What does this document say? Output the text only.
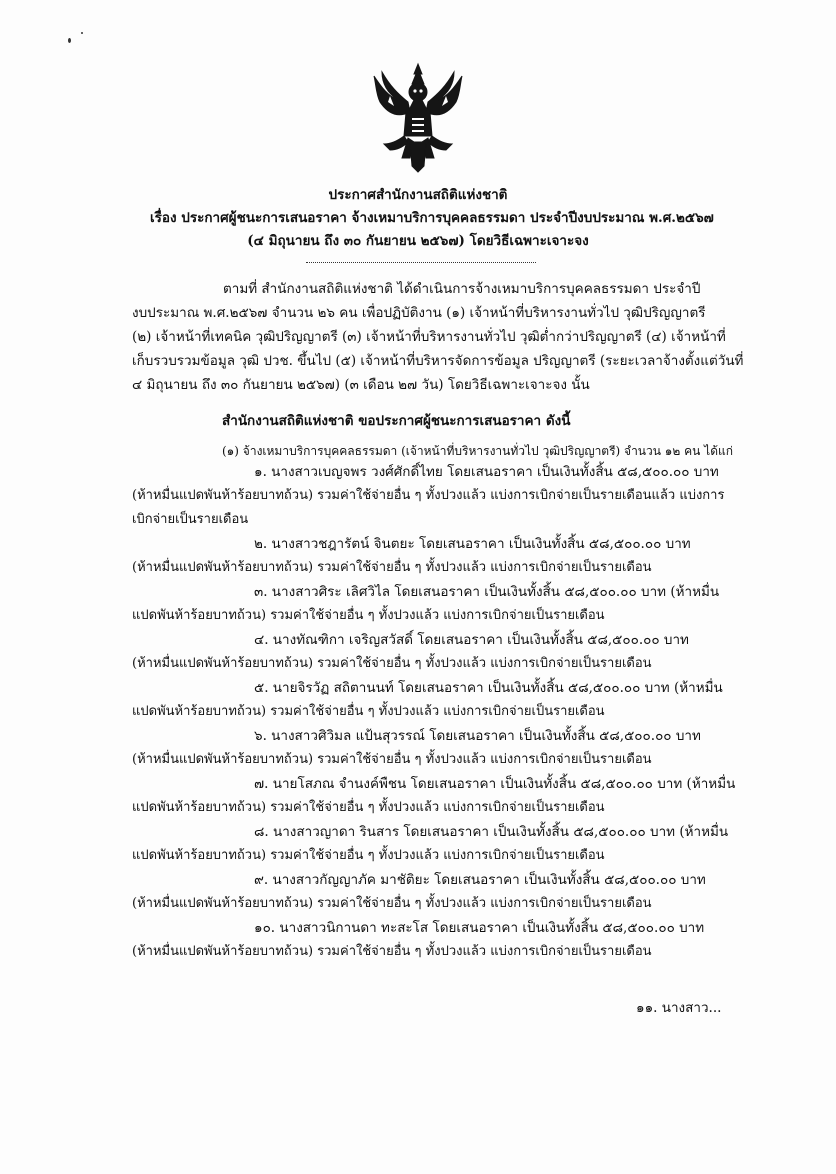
ประกาศสำนักงานสถิติแห่งชาติ
เรื่อง ประกาศผู้ชนะการเสนอราคา จ้างเหมาบริการบุคคลธรรมดา ประจำปีงบประมาณ พ.ศ.๒๕๖๗
(๔ มิถุนายน ถึง ๓๐ กันยายน ๒๕๖๗) โดยวิธีเฉพาะเจาะจง
ตามที่ สำนักงานสถิติแห่งชาติ ได้ดำเนินการจ้างเหมาบริการบุคคลธรรมดา ประจำปี
งบประมาณ พ.ศ.๒๕๖๗ จำนวน ๒๖ คน เพื่อปฏิบัติงาน (๑) เจ้าหน้าที่บริหารงานทั่วไป วุฒิปริญญาตรี
(๒) เจ้าหน้าที่เทคนิค วุฒิปริญญาตรี (๓) เจ้าหน้าที่บริหารงานทั่วไป วุฒิต่ำกว่าปริญญาตรี (๔) เจ้าหน้าที่
เก็บรวบรวมข้อมูล วุฒิ ปวช. ขึ้นไป (๕) เจ้าหน้าที่บริหารจัดการข้อมูล ปริญญาตรี (ระยะเวลาจ้างตั้งแต่วันที่
๔ มิถุนายน ถึง ๓๐ กันยายน ๒๕๖๗) (๓ เดือน ๒๗ วัน) โดยวิธีเฉพาะเจาะจง นั้น
สำนักงานสถิติแห่งชาติ ขอประกาศผู้ชนะการเสนอราคา ดังนี้
(๑) จ้างเหมาบริการบุคคลธรรมดา (เจ้าหน้าที่บริหารงานทั่วไป วุฒิปริญญาตรี) จำนวน ๑๒ คน ได้แก่
๑. นางสาวเบญจพร วงศ์ศักดิ์ไทย โดยเสนอราคา เป็นเงินทั้งสิ้น ๕๘,๕๐๐.๐๐ บาท
(ห้าหมื่นแปดพันห้าร้อยบาทถ้วน) รวมค่าใช้จ่ายอื่น ๆ ทั้งปวงแล้ว แบ่งการเบิกจ่ายเป็นรายเดือนแล้ว แบ่งการ
เบิกจ่ายเป็นรายเดือน
๒. นางสาวชฎารัตน์ จินตยะ โดยเสนอราคา เป็นเงินทั้งสิ้น ๕๘,๕๐๐.๐๐ บาท
(ห้าหมื่นแปดพันห้าร้อยบาทถ้วน) รวมค่าใช้จ่ายอื่น ๆ ทั้งปวงแล้ว แบ่งการเบิกจ่ายเป็นรายเดือน
๓. นางสาวศิระ เลิศวิไล โดยเสนอราคา เป็นเงินทั้งสิ้น ๕๘,๕๐๐.๐๐ บาท (ห้าหมื่น
แปดพันห้าร้อยบาทถ้วน) รวมค่าใช้จ่ายอื่น ๆ ทั้งปวงแล้ว แบ่งการเบิกจ่ายเป็นรายเดือน
๔. นางทัณฑิกา เจริญสวัสดิ์ โดยเสนอราคา เป็นเงินทั้งสิ้น ๕๘,๕๐๐.๐๐ บาท
(ห้าหมื่นแปดพันห้าร้อยบาทถ้วน) รวมค่าใช้จ่ายอื่น ๆ ทั้งปวงแล้ว แบ่งการเบิกจ่ายเป็นรายเดือน
๕. นายจิรวัฏ สถิตานนท์ โดยเสนอราคา เป็นเงินทั้งสิ้น ๕๘,๕๐๐.๐๐ บาท (ห้าหมื่น
แปดพันห้าร้อยบาทถ้วน) รวมค่าใช้จ่ายอื่น ๆ ทั้งปวงแล้ว แบ่งการเบิกจ่ายเป็นรายเดือน
๖. นางสาวศิวิมล แป้นสุวรรณ์ โดยเสนอราคา เป็นเงินทั้งสิ้น ๕๘,๕๐๐.๐๐ บาท
(ห้าหมื่นแปดพันห้าร้อยบาทถ้วน) รวมค่าใช้จ่ายอื่น ๆ ทั้งปวงแล้ว แบ่งการเบิกจ่ายเป็นรายเดือน
๗. นายโสภณ จำนงค์พืชน โดยเสนอราคา เป็นเงินทั้งสิ้น ๕๘,๕๐๐.๐๐ บาท (ห้าหมื่น
แปดพันห้าร้อยบาทถ้วน) รวมค่าใช้จ่ายอื่น ๆ ทั้งปวงแล้ว แบ่งการเบิกจ่ายเป็นรายเดือน
๘. นางสาวญาดา รินสาร โดยเสนอราคา เป็นเงินทั้งสิ้น ๕๘,๕๐๐.๐๐ บาท (ห้าหมื่น
แปดพันห้าร้อยบาทถ้วน) รวมค่าใช้จ่ายอื่น ๆ ทั้งปวงแล้ว แบ่งการเบิกจ่ายเป็นรายเดือน
๙. นางสาวกัญญาภัค มาชัติยะ โดยเสนอราคา เป็นเงินทั้งสิ้น ๕๘,๕๐๐.๐๐ บาท
(ห้าหมื่นแปดพันห้าร้อยบาทถ้วน) รวมค่าใช้จ่ายอื่น ๆ ทั้งปวงแล้ว แบ่งการเบิกจ่ายเป็นรายเดือน
๑๐. นางสาวนิกานดา ทะสะโส โดยเสนอราคา เป็นเงินทั้งสิ้น ๕๘,๕๐๐.๐๐ บาท
(ห้าหมื่นแปดพันห้าร้อยบาทถ้วน) รวมค่าใช้จ่ายอื่น ๆ ทั้งปวงแล้ว แบ่งการเบิกจ่ายเป็นรายเดือน
๑๑. นางสาว...
